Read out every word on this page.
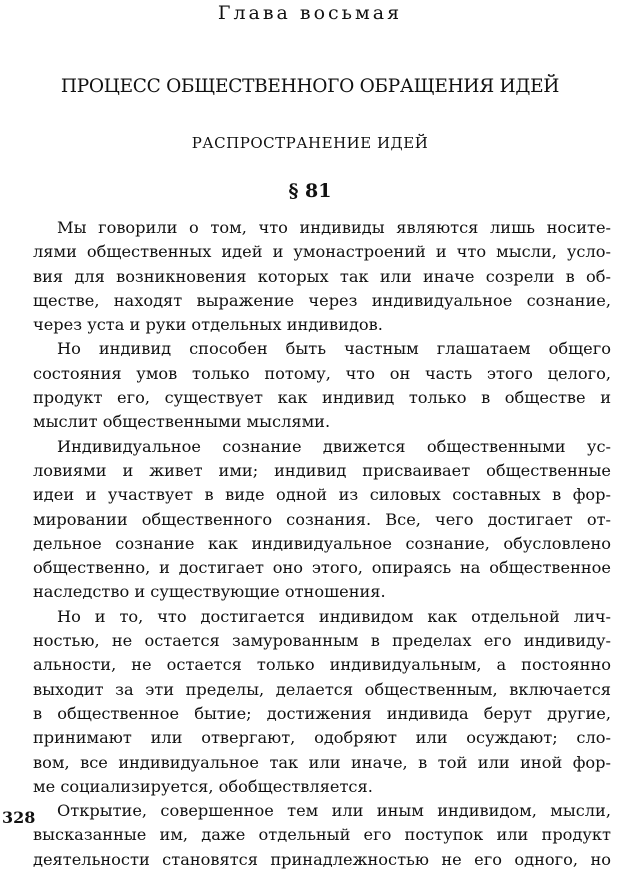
Глава восьмая
ПРОЦЕСС ОБЩЕСТВЕННОГО ОБРАЩЕНИЯ ИДЕЙ
РАСПРОСТРАНЕНИЕ ИДЕЙ
§ 81
Мы говорили о том, что индивиды являются лишь носите-
лями общественных идей и умонастроений и что мысли, усло-
вия для возникновения которых так или иначе созрели в об-
ществе, находят выражение через индивидуальное сознание,
через уста и руки отдельных индивидов.
Но индивид способен быть частным глашатаем общего
состояния умов только потому, что он часть этого целого,
продукт его, существует как индивид только в обществе и
мыслит общественными мыслями.
Индивидуальное сознание движется общественными ус-
ловиями и живет ими; индивид присваивает общественные
идеи и участвует в виде одной из силовых составных в фор-
мировании общественного сознания. Все, чего достигает от-
дельное сознание как индивидуальное сознание, обусловлено
общественно, и достигает оно этого, опираясь на общественное
наследство и существующие отношения.
Но и то, что достигается индивидом как отдельной лич-
ностью, не остается замурованным в пределах его индивиду-
альности, не остается только индивидуальным, а постоянно
выходит за эти пределы, делается общественным, включается
в общественное бытие; достижения индивида берут другие,
принимают или отвергают, одобряют или осуждают; сло-
вом, все индивидуальное так или иначе, в той или иной фор-
ме социализируется, обобществляется.
Открытие, совершенное тем или иным индивидом, мысли,
высказанные им, даже отдельный его поступок или продукт
деятельности становятся принадлежностью не его одного, но
328
